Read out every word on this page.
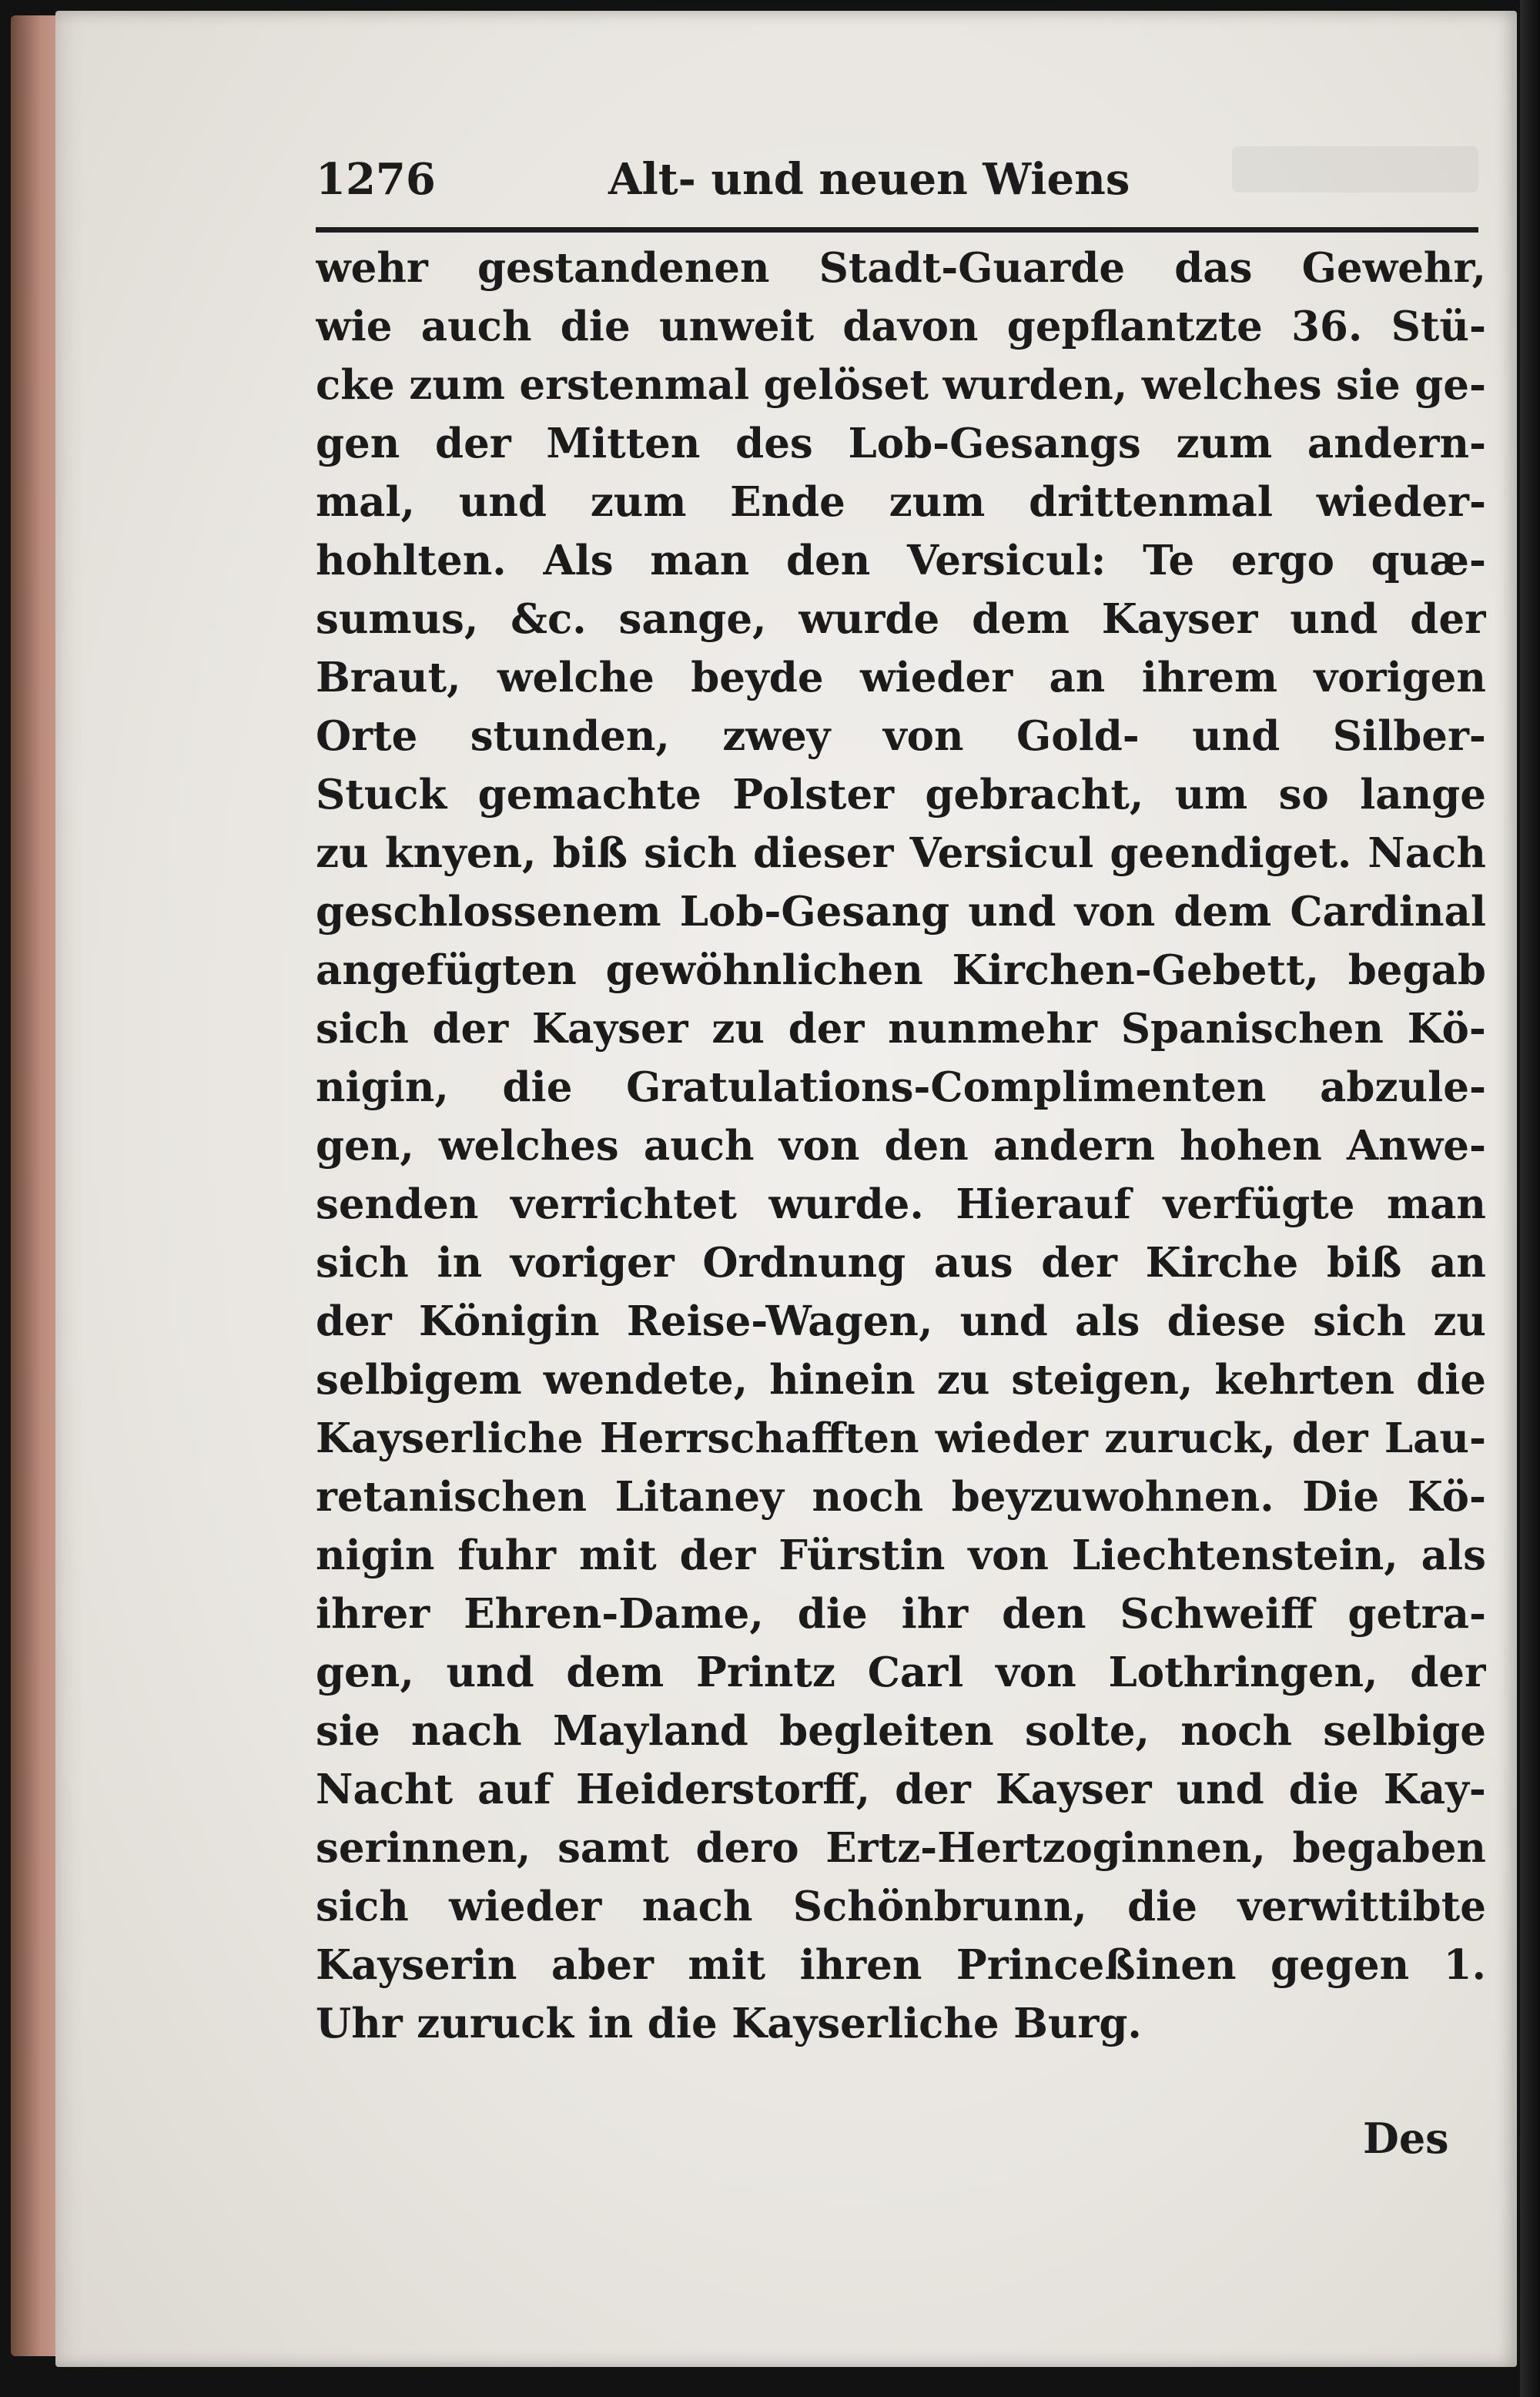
1276	Alt- und neuen Wiens
wehr gestandenen Stadt-Guarde das Gewehr,
wie auch die unweit davon gepflantzte 36. Stü-
cke zum erstenmal gelöset wurden, welches sie ge-
gen der Mitten des Lob-Gesangs zum andern-
mal, und zum Ende zum drittenmal wieder-
hohlten. Als man den Versicul: Te ergo quæ-
sumus, &c. sange, wurde dem Kayser und der
Braut, welche beyde wieder an ihrem vorigen
Orte stunden, zwey von Gold- und Silber-
Stuck gemachte Polster gebracht, um so lange
zu knyen, biß sich dieser Versicul geendiget. Nach
geschlossenem Lob-Gesang und von dem Cardinal
angefügten gewöhnlichen Kirchen-Gebett, begab
sich der Kayser zu der nunmehr Spanischen Kö-
nigin, die Gratulations-Complimenten abzule-
gen, welches auch von den andern hohen Anwe-
senden verrichtet wurde. Hierauf verfügte man
sich in voriger Ordnung aus der Kirche biß an
der Königin Reise-Wagen, und als diese sich zu
selbigem wendete, hinein zu steigen, kehrten die
Kayserliche Herrschafften wieder zuruck, der Lau-
retanischen Litaney noch beyzuwohnen. Die Kö-
nigin fuhr mit der Fürstin von Liechtenstein, als
ihrer Ehren-Dame, die ihr den Schweiff getra-
gen, und dem Printz Carl von Lothringen, der
sie nach Mayland begleiten solte, noch selbige
Nacht auf Heiderstorff, der Kayser und die Kay-
serinnen, samt dero Ertz-Hertzoginnen, begaben
sich wieder nach Schönbrunn, die verwittibte
Kayserin aber mit ihren Princeßinen gegen 1.
Uhr zuruck in die Kayserliche Burg.
Des
